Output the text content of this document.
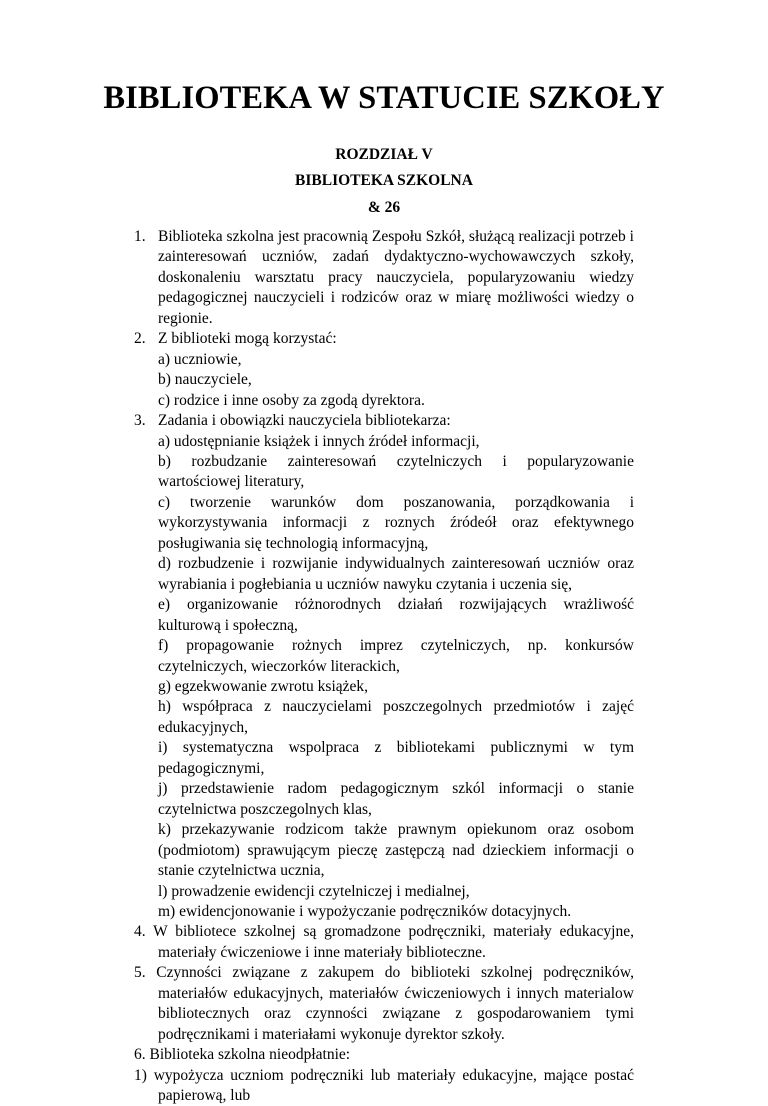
BIBLIOTEKA W STATUCIE SZKOŁY

ROZDZIAŁ V

BIBLIOTEKA SZKOLNA

& 26

1. Biblioteka szkolna jest pracownią Zespołu Szkół, służącą realizacji potrzeb i zainteresowań uczniów, zadań dydaktyczno-wychowawczych szkoły, doskonaleniu warsztatu pracy nauczyciela, popularyzowaniu wiedzy
pedagogicznej nauczycieli i rodziców oraz w miarę możliwości wiedzy o regionie.
2. Z biblioteki mogą korzystać:
a) uczniowie,
b) nauczyciele,
c) rodzice i inne osoby za zgodą dyrektora.
3. Zadania i obowiązki nauczyciela bibliotekarza:
a) udostępnianie książek i innych źródeł informacji,
b) rozbudzanie zainteresowań czytelniczych i popularyzowanie wartościowej literatury,
c) tworzenie warunków dom poszanowania, porządkowania i wykorzystywania informacji z roznych źródeół oraz efektywnego posługiwania się technologią informacyjną,
d) rozbudzenie i rozwijanie indywidualnych zainteresowań uczniów oraz wyrabiania i pogłebiania u uczniów nawyku czytania i uczenia się,
e) organizowanie różnorodnych działań rozwijających wrażliwość kulturową i społeczną,
f) propagowanie rożnych imprez czytelniczych, np. konkursów czytelniczych, wieczorków literackich,
g) egzekwowanie zwrotu książek,
h) współpraca z nauczycielami poszczegolnych przedmiotów i zajęć edukacyjnych,
i) systematyczna wspolpraca z bibliotekami publicznymi w tym pedagogicznymi,
j) przedstawienie radom pedagogicznym szkól informacji o stanie czytelnictwa poszczegolnych klas,
k) przekazywanie rodzicom także prawnym opiekunom oraz osobom (podmiotom) sprawującym pieczę zastępczą nad dzieckiem informacji o stanie czytelnictwa ucznia,
l) prowadzenie ewidencji czytelniczej i medialnej,
m) ewidencjonowanie i wypożyczanie podręczników dotacyjnych.
4. W bibliotece szkolnej są gromadzone podręczniki, materiały edukacyjne, materiały ćwiczeniowe i inne materiały biblioteczne.
5. Czynności związane z zakupem do biblioteki szkolnej podręczników, materiałów edukacyjnych, materiałów ćwiczeniowych i innych materialow bibliotecznych oraz czynności związane z gospodarowaniem tymi podręcznikami i materiałami wykonuje dyrektor szkoły.
6. Biblioteka szkolna nieodpłatnie:
1) wypożycza uczniom podręczniki lub materiały edukacyjne, mające postać papierową, lub
